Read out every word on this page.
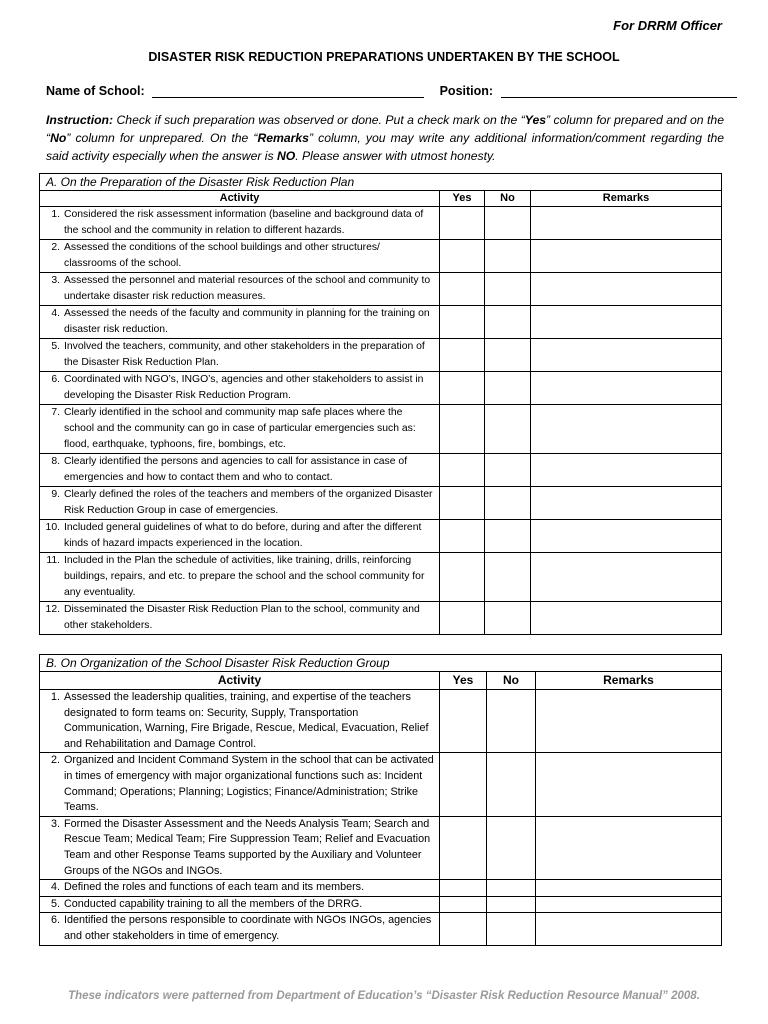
For DRRM Officer
DISASTER RISK REDUCTION PREPARATIONS UNDERTAKEN BY THE SCHOOL
Name of School:	Position:
Instruction: Check if such preparation was observed or done. Put a check mark on the “Yes” column for prepared and on the “No” column for unprepared. On the “Remarks” column, you may write any additional information/comment regarding the said activity especially when the answer is NO. Please answer with utmost honesty.
A. On the Preparation of the Disaster Risk Reduction Plan			
Activity	Yes	No	Remarks

1. Considered the risk assessment information (baseline and background data of the school and the community in relation to different hazards.			

2. Assessed the conditions of the school buildings and other structures/ classrooms of the school.			

3. Assessed the personnel and material resources of the school and community to undertake disaster risk reduction measures.			

4. Assessed the needs of the faculty and community in planning for the training on disaster risk reduction.			

5. Involved the teachers, community, and other stakeholders in the preparation of the Disaster Risk Reduction Plan.			

6. Coordinated with NGO’s, INGO’s, agencies and other stakeholders to assist in developing the Disaster Risk Reduction Program.			

7. Clearly identified in the school and community map safe places where the school and the community can go in case of particular emergencies such as: flood, earthquake, typhoons, fire, bombings, etc.			

8. Clearly identified the persons and agencies to call for assistance in case of emergencies and how to contact them and who to contact.			

9. Clearly defined the roles of the teachers and members of the organized Disaster Risk Reduction Group in case of emergencies.			

10. Included general guidelines of what to do before, during and after the different kinds of hazard impacts experienced in the location.			

11. Included in the Plan the schedule of activities, like training, drills, reinforcing buildings, repairs, and etc. to prepare the school and the school community for any eventuality.			

12. Disseminated the Disaster Risk Reduction Plan to the school, community and other stakeholders.			

B. On Organization of the School Disaster Risk Reduction Group			
Activity	Yes	No	Remarks

1. Assessed the leadership qualities, training, and expertise of the teachers designated to form teams on: Security, Supply, Transportation Communication, Warning, Fire Brigade, Rescue, Medical, Evacuation, Relief and Rehabilitation and Damage Control.			

2. Organized and Incident Command System in the school that can be activated in times of emergency with major organizational functions such as: Incident Command; Operations; Planning; Logistics; Finance/Administration; Strike Teams.			

3. Formed the Disaster Assessment and the Needs Analysis Team; Search and Rescue Team; Medical Team; Fire Suppression Team; Relief and Evacuation Team and other Response Teams supported by the Auxiliary and Volunteer Groups of the NGOs and INGOs.			

4. Defined the roles and functions of each team and its members.			

5. Conducted capability training to all the members of the DRRG.			

6. Identified the persons responsible to coordinate with NGOs INGOs, agencies and other stakeholders in time of emergency.			

These indicators were patterned from Department of Education’s “Disaster Risk Reduction Resource Manual” 2008.
